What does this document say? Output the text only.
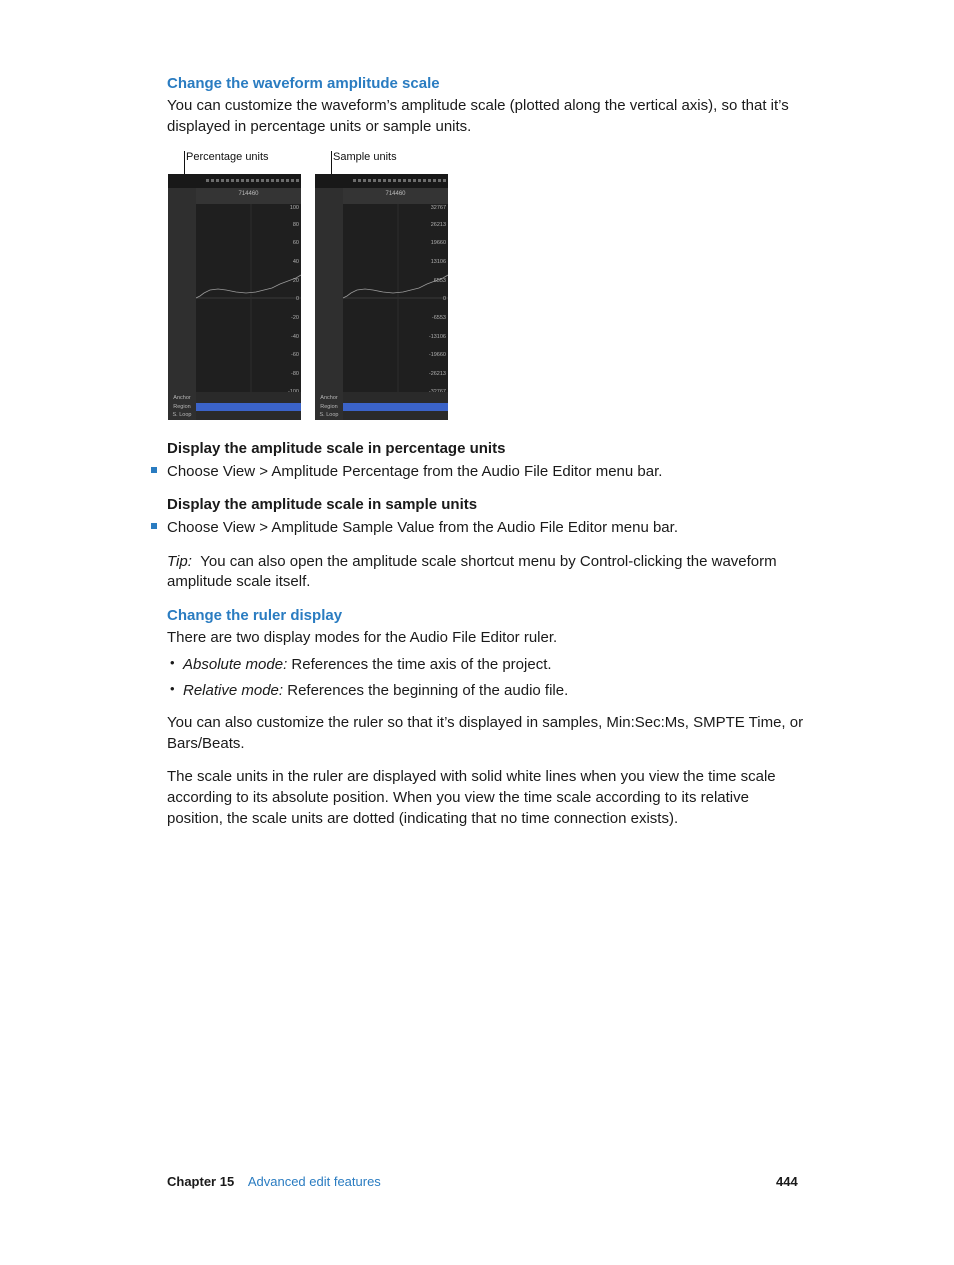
Change the waveform amplitude scale
You can customize the waveform’s amplitude scale (plotted along the vertical axis), so that it’s
displayed in percentage units or sample units.
Percentage units	Sample units
714460
100
80
60
40
20
0
-20
-40
-60
-80
Anchor
Region
S. Loop
714460
32767
26213
19660
13106
6553
0
-6553
-13106
-19660
-26213
Anchor
Region
S. Loop
Display the amplitude scale in percentage units
Choose View > Amplitude Percentage from the Audio File Editor menu bar.
Display the amplitude scale in sample units
Choose View > Amplitude Sample Value from the Audio File Editor menu bar.
Tip: You can also open the amplitude scale shortcut menu by Control-clicking the waveform
amplitude scale itself.
Change the ruler display
There are two display modes for the Audio File Editor ruler.
• Absolute mode: References the time axis of the project.
• Relative mode: References the beginning of the audio file.
You can also customize the ruler so that it’s displayed in samples, Min:Sec:Ms, SMPTE Time, or
Bars/Beats.
The scale units in the ruler are displayed with solid white lines when you view the time scale
according to its absolute position. When you view the time scale according to its relative
position, the scale units are dotted (indicating that no time connection exists).
Chapter 15 Advanced edit features	444
